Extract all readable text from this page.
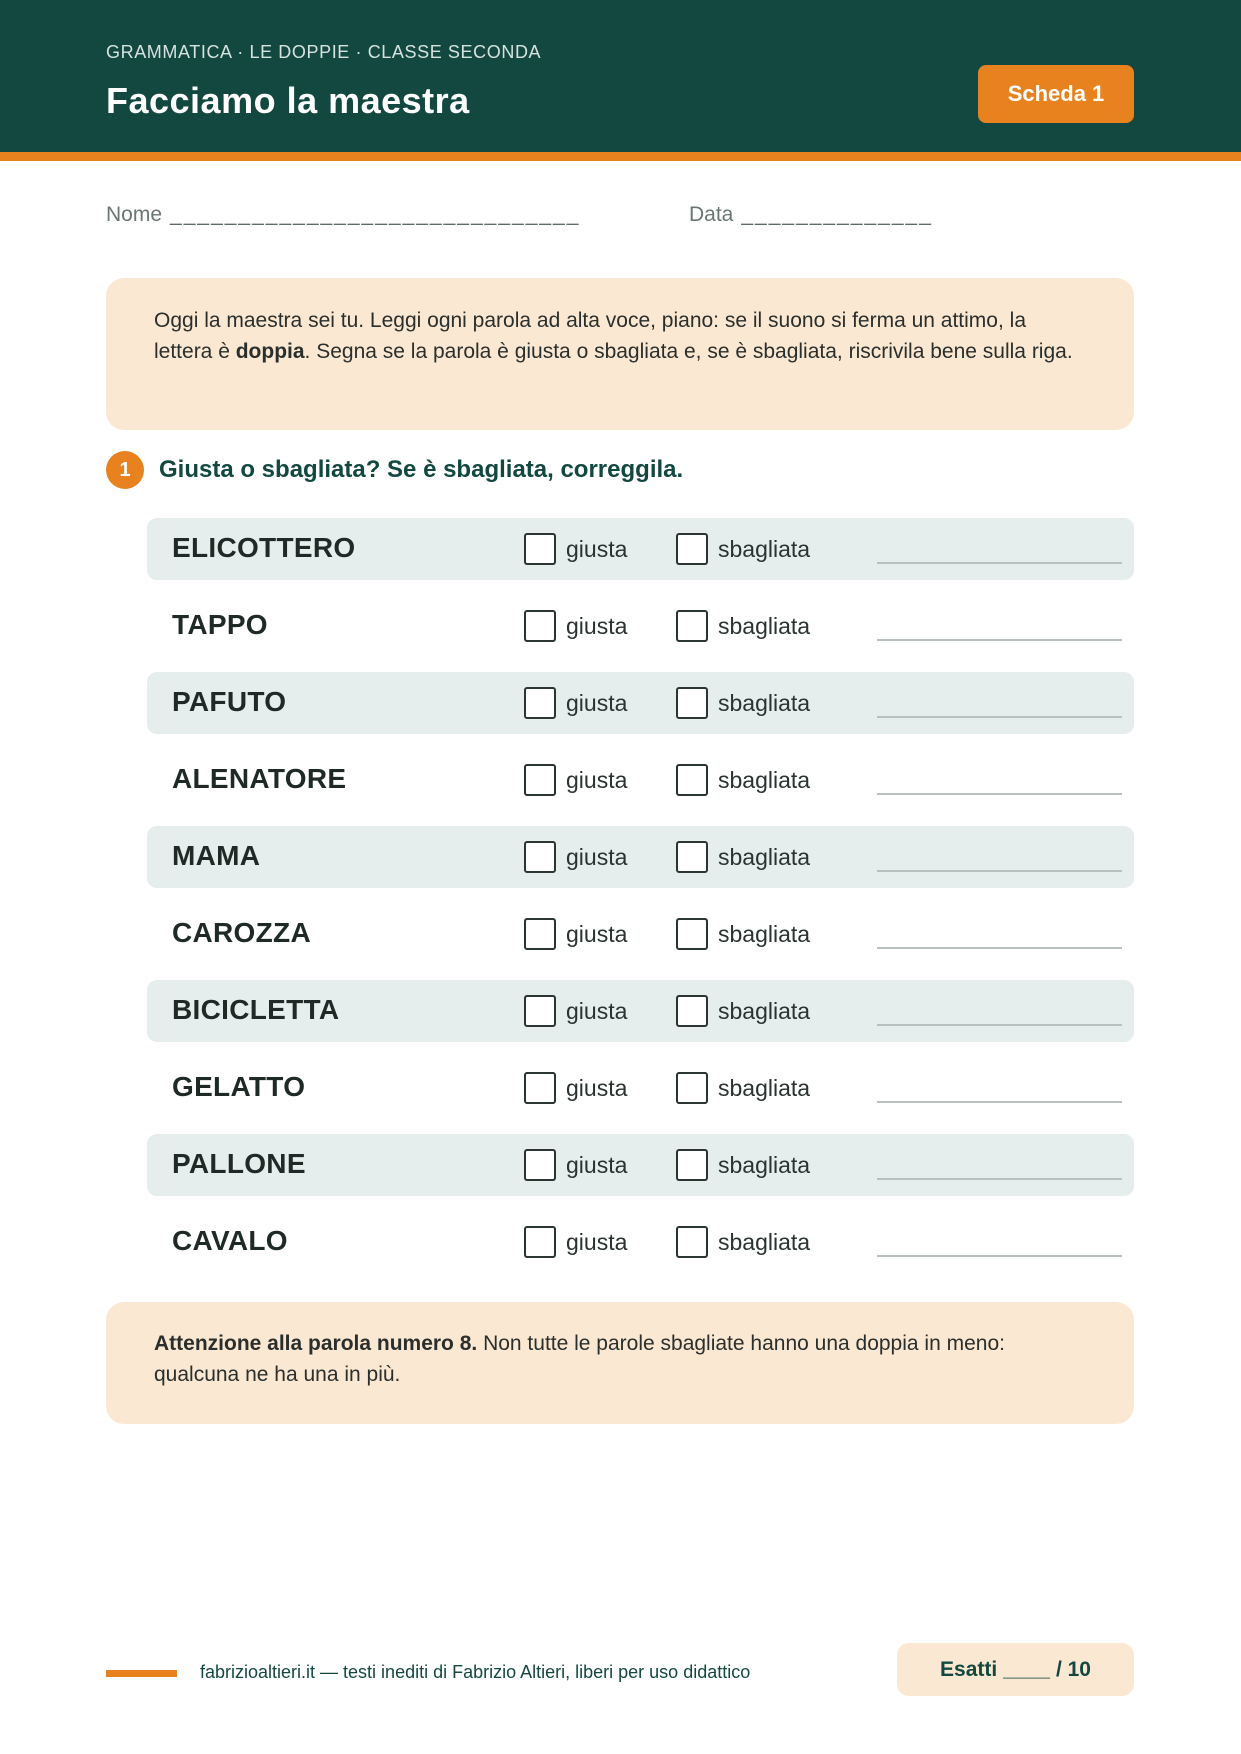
GRAMMATICA · LE DOPPIE · CLASSE SECONDA
Facciamo la maestra	Scheda 1
Nome ______________________________	Data ______________
Oggi la maestra sei tu. Leggi ogni parola ad alta voce, piano: se il suono si ferma un attimo, la lettera è doppia. Segna se la parola è giusta o sbagliata e, se è sbagliata, riscrivila bene sulla riga.
1	Giusta o sbagliata? Se è sbagliata, correggila.
ELICOTTERO	giusta	sbagliata
TAPPO	giusta	sbagliata
PAFUTO	giusta	sbagliata
ALENATORE	giusta	sbagliata
MAMA	giusta	sbagliata
CAROZZA	giusta	sbagliata
BICICLETTA	giusta	sbagliata
GELATTO	giusta	sbagliata
PALLONE	giusta	sbagliata
CAVALO	giusta	sbagliata
Attenzione alla parola numero 8. Non tutte le parole sbagliate hanno una doppia in meno: qualcuna ne ha una in più.
fabrizioaltieri.it — testi inediti di Fabrizio Altieri, liberi per uso didattico	Esatti ____ / 10
